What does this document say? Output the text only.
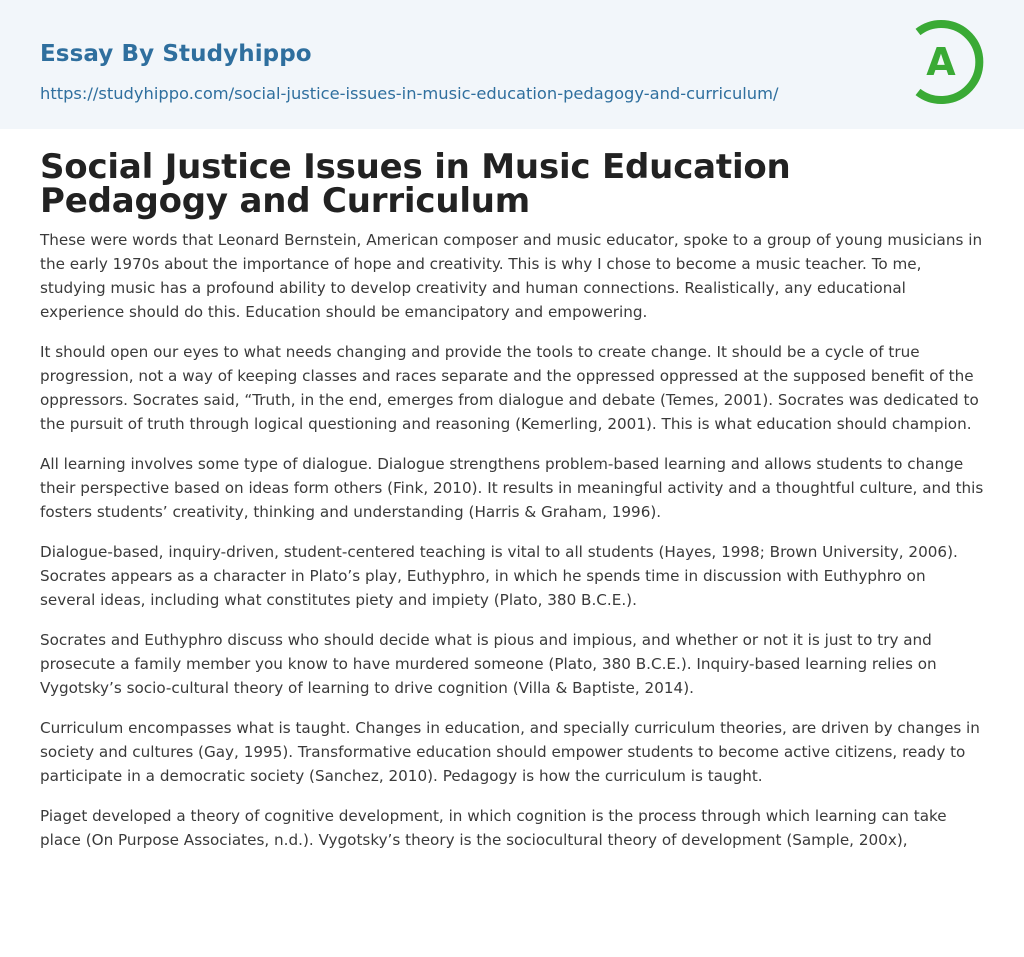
Essay By Studyhippo
https://studyhippo.com/social-justice-issues-in-music-education-pedagogy-and-curriculum/
A
Social Justice Issues in Music Education Pedagogy and Curriculum

These were words that Leonard Bernstein, American composer and music educator, spoke to a group of young musicians in the early 1970s about the importance of hope and creativity. This is why I chose to become a music teacher. To me, studying music has a profound ability to develop creativity and human connections. Realistically, any educational experience should do this. Education should be emancipatory and empowering.

It should open our eyes to what needs changing and provide the tools to create change. It should be a cycle of true progression, not a way of keeping classes and races separate and the oppressed oppressed at the supposed benefit of the oppressors. Socrates said, “Truth, in the end, emerges from dialogue and debate (Temes, 2001). Socrates was dedicated to the pursuit of truth through logical questioning and reasoning (Kemerling, 2001). This is what education should champion.

All learning involves some type of dialogue. Dialogue strengthens problem-based learning and allows students to change their perspective based on ideas form others (Fink, 2010). It results in meaningful activity and a thoughtful culture, and this fosters students’ creativity, thinking and understanding (Harris & Graham, 1996).

Dialogue-based, inquiry-driven, student-centered teaching is vital to all students (Hayes, 1998; Brown University, 2006). Socrates appears as a character in Plato’s play, Euthyphro, in which he spends time in discussion with Euthyphro on several ideas, including what constitutes piety and impiety (Plato, 380 B.C.E.).

Socrates and Euthyphro discuss who should decide what is pious and impious, and whether or not it is just to try and prosecute a family member you know to have murdered someone (Plato, 380 B.C.E.). Inquiry-based learning relies on Vygotsky’s socio-cultural theory of learning to drive cognition (Villa & Baptiste, 2014).

Curriculum encompasses what is taught. Changes in education, and specially curriculum theories, are driven by changes in society and cultures (Gay, 1995). Transformative education should empower students to become active citizens, ready to participate in a democratic society (Sanchez, 2010). Pedagogy is how the curriculum is taught.

Piaget developed a theory of cognitive development, in which cognition is the process through which learning can take place (On Purpose Associates, n.d.). Vygotsky’s theory is the sociocultural theory of development (Sample, 200x),
